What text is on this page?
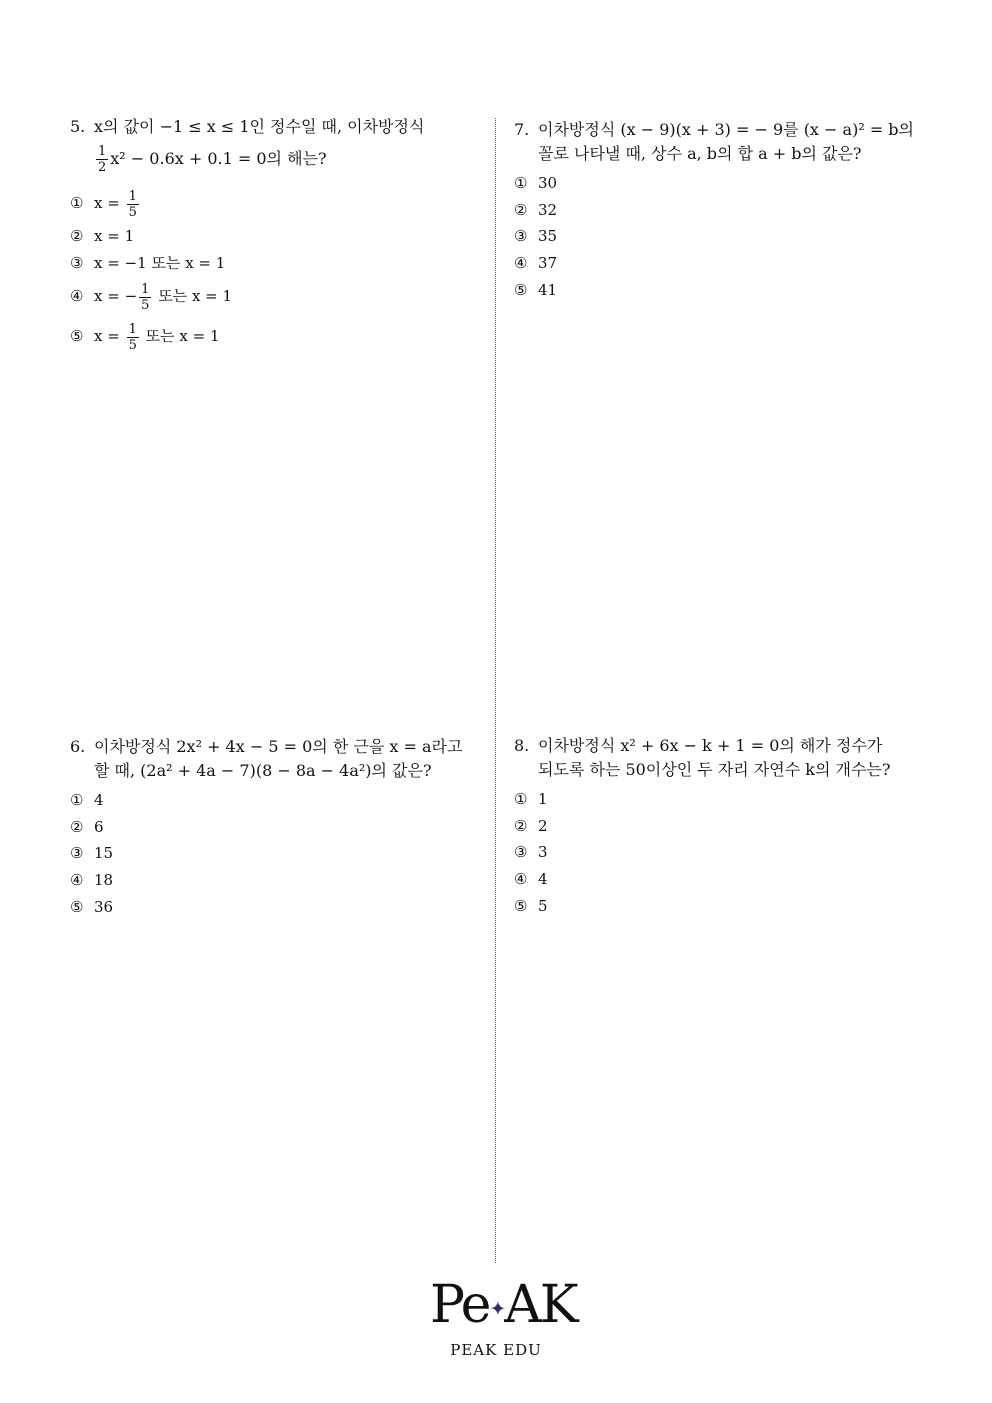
5. x의 값이 −1 ≤ x ≤ 1인 정수일 때, 이차방정식
$\frac{1}{2} x^2 - 0.6x + 0.1 = 0$의 해는?
① $x = \frac{1}{5}$
② x = 1
③ x = −1 또는 x = 1
④ x = − $\frac{1}{5}$ 또는 x = 1
⑤ $x = \frac{1}{5}$ 또는 x = 1
6. 이차방정식 2x² + 4x − 5 = 0의 한 근을 x = a라고
할 때, (2a² + 4a − 7)(8 − 8a − 4a²)의 값은?
① 4
② 6
③ 15
④ 18
⑤ 36
7. 이차방정식 (x − 9)(x + 3) = − 9를 (x − a)² = b의
꼴로 나타낼 때, 상수 a, b의 합 a + b의 값은?
① 30
② 32
③ 35
④ 37
⑤ 41
8. 이차방정식 x² + 6x − k + 1 = 0의 해가 정수가
되도록 하는 50이상인 두 자리 자연수 k의 개수는?
① 1
② 2
③ 3
④ 4
⑤ 5
Pe✦AK
PEAK EDU
